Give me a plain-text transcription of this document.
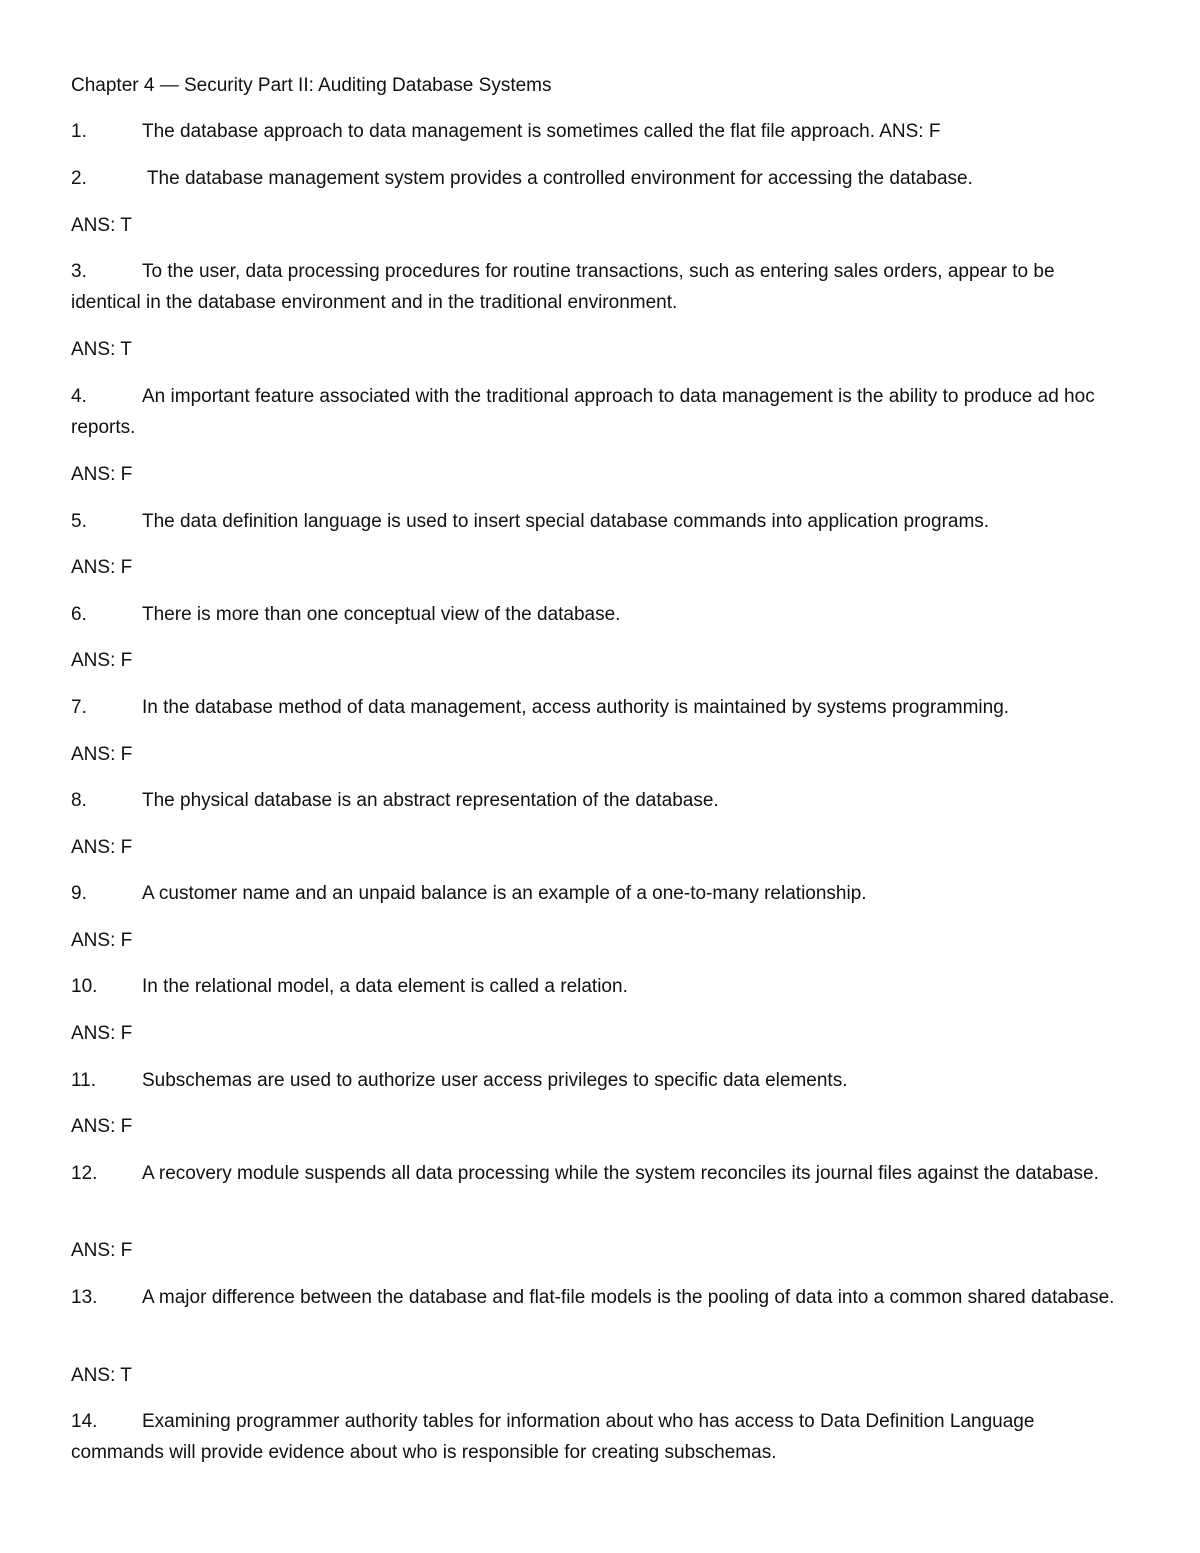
Chapter 4 — Security Part II: Auditing Database Systems
1.	The database approach to data management is sometimes called the flat file approach. ANS: F
2.	The database management system provides a controlled environment for accessing the database.
ANS: T
3.	To the user, data processing procedures for routine transactions, such as entering sales orders, appear to be identical in the database environment and in the traditional environment.
ANS: T
4.	An important feature associated with the traditional approach to data management is the ability to produce ad hoc reports.
ANS: F
5.	The data definition language is used to insert special database commands into application programs.
ANS: F
6.	There is more than one conceptual view of the database.
ANS: F
7.	In the database method of data management, access authority is maintained by systems programming.
ANS: F
8.	The physical database is an abstract representation of the database.
ANS: F
9.	A customer name and an unpaid balance is an example of a one-to-many relationship.
ANS: F
10. In the relational model, a data element is called a relation.
ANS: F
11. Subschemas are used to authorize user access privileges to specific data elements.
ANS: F
12. A recovery module suspends all data processing while the system reconciles its journal files against the database.
ANS: F
13. A major difference between the database and flat-file models is the pooling of data into a common shared database.
ANS: T
14. Examining programmer authority tables for information about who has access to Data Definition Language commands will provide evidence about who is responsible for creating subschemas.
